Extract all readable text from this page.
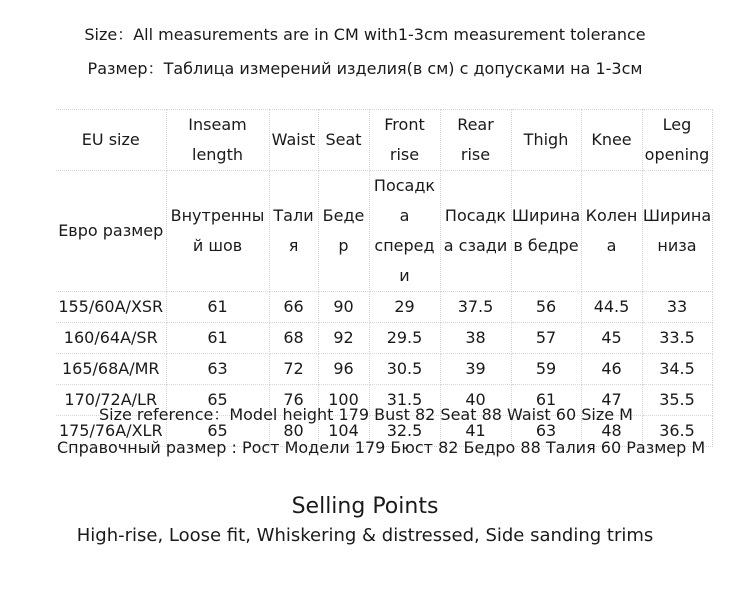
Size：All measurements are in CM with1-3cm measurement tolerance
Размер：Таблица измерений изделия(в см) с допусками на 1-3см
EU size	Inseam length	Waist	Seat	Front rise	Rear rise	Thigh	Knee	Leg opening
Евро размер	Внутренный шов	Талия	Бедер	Посадка спереди	Посадка сзади	Ширина в бедре	Колена	Ширина низа
155/60A/XSR	61	66	90	29	37.5	56	44.5	33
160/64A/SR	61	68	92	29.5	38	57	45	33.5
165/68A/MR	63	72	96	30.5	39	59	46	34.5
170/72A/LR	65	76	100	31.5	40	61	47	35.5
175/76A/XLR	65	80	104	32.5	41	63	48	36.5
Size reference：Model height 179 Bust 82 Seat 88 Waist 60 Size M
Справочный размер : Рост Модели 179 Бюст 82 Бедро 88 Талия 60 Размер M
Selling Points
High-rise, Loose fit, Whiskering & distressed, Side sanding trims
